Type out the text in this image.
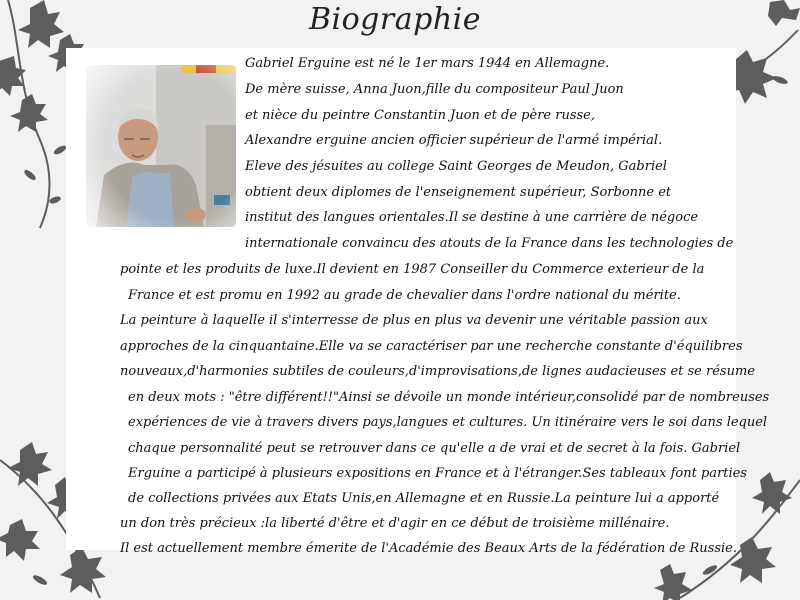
Biographie
Gabriel Erguine est né le 1er mars 1944 en Allemagne.
De mère suisse, Anna Juon,fille du compositeur Paul Juon
et nièce du peintre Constantin Juon et de père russe,
Alexandre erguine ancien officier supérieur de l'armé impérial.
Eleve des jésuites au college Saint Georges de Meudon, Gabriel
obtient deux diplomes de l'enseignement supérieur, Sorbonne et
institut des langues orientales.Il se destine à une carrière de négoce
internationale convaincu des atouts de la France dans les technologies de
pointe et les produits de luxe.Il devient en 1987 Conseiller du Commerce exterieur de la
France et est promu en 1992 au grade de chevalier dans l'ordre national du mérite.
La peinture à laquelle il s'interresse de plus en plus va devenir une véritable passion aux
approches de la cinquantaine.Elle va se caractériser par une recherche constante d'équilibres
nouveaux,d'harmonies subtiles de couleurs,d'improvisations,de lignes audacieuses et se résume
en deux mots : "être différent!!"Ainsi se dévoile un monde intérieur,consolidé par de nombreuses
expériences de vie à travers divers pays,langues et cultures. Un itinéraire vers le soi dans lequel
chaque personnalité peut se retrouver dans ce qu'elle a de vrai et de secret à la fois. Gabriel
Erguine a participé à plusieurs expositions en France et à l'étranger.Ses tableaux font parties
de collections privées aux Etats Unis,en Allemagne et en Russie.La peinture lui a apporté
un don très précieux :la liberté d'être et d'agir en ce début de troisième millénaire.
Il est actuellement membre émerite de l'Académie des Beaux Arts de la fédération de Russie.
